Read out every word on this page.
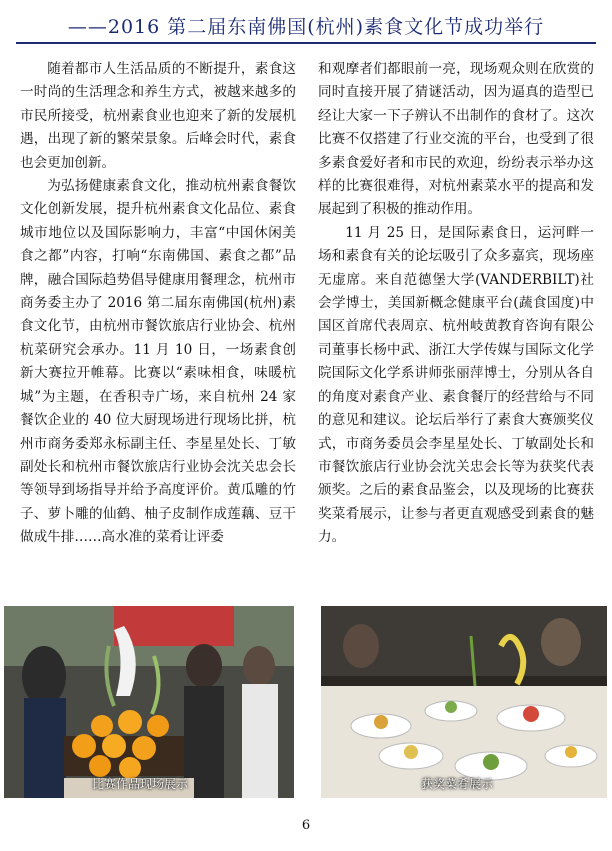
——2016 第二届东南佛国(杭州)素食文化节成功举行

随着都市人生活品质的不断提升，素食这一时尚的生活理念和养生方式，被越来越多的市民所接受，杭州素食业也迎来了新的发展机遇，出现了新的繁荣景象。后峰会时代，素食也会更加创新。

为弘扬健康素食文化，推动杭州素食餐饮文化创新发展，提升杭州素食文化品位、素食城市地位以及国际影响力，丰富“中国休闲美食之都”内容，打响“东南佛国、素食之都”品牌，融合国际趋势倡导健康用餐理念，杭州市商务委主办了 2016 第二届东南佛国(杭州)素食文化节，由杭州市餐饮旅店行业协会、杭州杭菜研究会承办。11 月 10 日，一场素食创新大赛拉开帷幕。比赛以“素味相食，味暖杭城”为主题，在香积寺广场，来自杭州 24 家餐饮企业的 40 位大厨现场进行现场比拼，杭州市商务委郑永标副主任、李星星处长、丁敏副处长和杭州市餐饮旅店行业协会沈关忠会长等领导到场指导并给予高度评价。黄瓜雕的竹子、萝卜雕的仙鹤、柚子皮制作成莲藕、豆干做成牛排……高水准的菜肴让评委

和观摩者们都眼前一亮，现场观众则在欣赏的同时直接开展了猜谜活动，因为逼真的造型已经让大家一下子辨认不出制作的食材了。这次比赛不仅搭建了行业交流的平台，也受到了很多素食爱好者和市民的欢迎，纷纷表示举办这样的比赛很难得，对杭州素菜水平的提高和发展起到了积极的推动作用。

11 月 25 日，是国际素食日，运河畔一场和素食有关的论坛吸引了众多嘉宾，现场座无虚席。来自范德堡大学(VANDERBILT)社会学博士，美国新概念健康平台(蔬食国度)中国区首席代表周京、杭州岐黄教育咨询有限公司董事长杨中武、浙江大学传媒与国际文化学院国际文化学系讲师张丽萍博士，分别从各自的角度对素食产业、素食餐厅的经营给与不同的意见和建议。论坛后举行了素食大赛颁奖仪式，市商务委员会李星星处长、丁敏副处长和市餐饮旅店行业协会沈关忠会长等为获奖代表颁奖。之后的素食品鉴会，以及现场的比赛获奖菜肴展示，让参与者更直观感受到素食的魅力。

比赛作品现场展示	获奖菜肴展示
6
